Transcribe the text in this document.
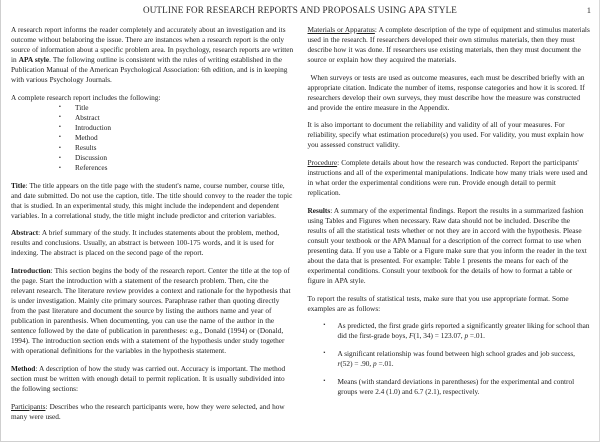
OUTLINE FOR RESEARCH REPORTS AND PROPOSALS USING APA STYLE	1

A research report informs the reader completely and accurately about an investigation and its outcome without belaboring the issue. There are instances when a research report is the only source of information about a specific problem area. In psychology, research reports are written in APA style. The following outline is consistent with the rules of writing established in the Publication Manual of the American Psychological Association: 6th edition, and is in keeping with various Psychology Journals.

A complete research report includes the following:

▪ Title
▪ Abstract
▪ Introduction
▪ Method
▪ Results
▪ Discussion
▪ References

Title: The title appears on the title page with the student's name, course number, course title, and date submitted. Do not use the caption, title. The title should convey to the reader the topic that is studied. In an experimental study, this might include the independent and dependent variables. In a correlational study, the title might include predictor and criterion variables.

Abstract: A brief summary of the study. It includes statements about the problem, method, results and conclusions. Usually, an abstract is between 100-175 words, and it is used for indexing. The abstract is placed on the second page of the report.

Introduction: This section begins the body of the research report. Center the title at the top of the page. Start the introduction with a statement of the research problem. Then, cite the relevant research. The literature review provides a context and rationale for the hypothesis that is under investigation. Mainly cite primary sources. Paraphrase rather than quoting directly from the past literature and document the source by listing the authors name and year of publication in parenthesis. When documenting, you can use the name of the author in the sentence followed by the date of publication in parentheses: e.g., Donald (1994) or (Donald, 1994). The introduction section ends with a statement of the hypothesis under study together with operational definitions for the variables in the hypothesis statement.

Method: A description of how the study was carried out. Accuracy is important. The method section must be written with enough detail to permit replication. It is usually subdivided into the following sections:

Participants: Describes who the research participants were, how they were selected, and how many were used.

Materials or Apparatus: A complete description of the type of equipment and stimulus materials used in the research. If researchers developed their own stimulus materials, then they must describe how it was done. If researchers use existing materials, then they must document the source or explain how they acquired the materials.

When surveys or tests are used as outcome measures, each must be described briefly with an appropriate citation. Indicate the number of items, response categories and how it is scored. If researchers develop their own surveys, they must describe how the measure was constructed and provide the entire measure in the Appendix.

It is also important to document the reliability and validity of all of your measures. For reliability, specify what estimation procedure(s) you used. For validity, you must explain how you assessed construct validity.

Procedure: Complete details about how the research was conducted. Report the participants' instructions and all of the experimental manipulations. Indicate how many trials were used and in what order the experimental conditions were run. Provide enough detail to permit replication.

Results: A summary of the experimental findings. Report the results in a summarized fashion using Tables and Figures when necessary. Raw data should not be included. Describe the results of all the statistical tests whether or not they are in accord with the hypothesis. Please consult your textbook or the APA Manual for a description of the correct format to use when presenting data. If you use a Table or a Figure make sure that you inform the reader in the text about the data that is presented. For example: Table 1 presents the means for each of the experimental conditions. Consult your textbook for the details of how to format a table or figure in APA style.

To report the results of statistical tests, make sure that you use appropriate format. Some examples are as follows:

▪ As predicted, the first grade girls reported a significantly greater liking for school than did the first-grade boys, F(1, 34) = 123.07, p =.01.
▪ A significant relationship was found between high school grades and job success, r(52) = .90, p =.01.
▪ Means (with standard deviations in parentheses) for the experimental and control groups were 2.4 (1.0) and 6.7 (2.1), respectively.
